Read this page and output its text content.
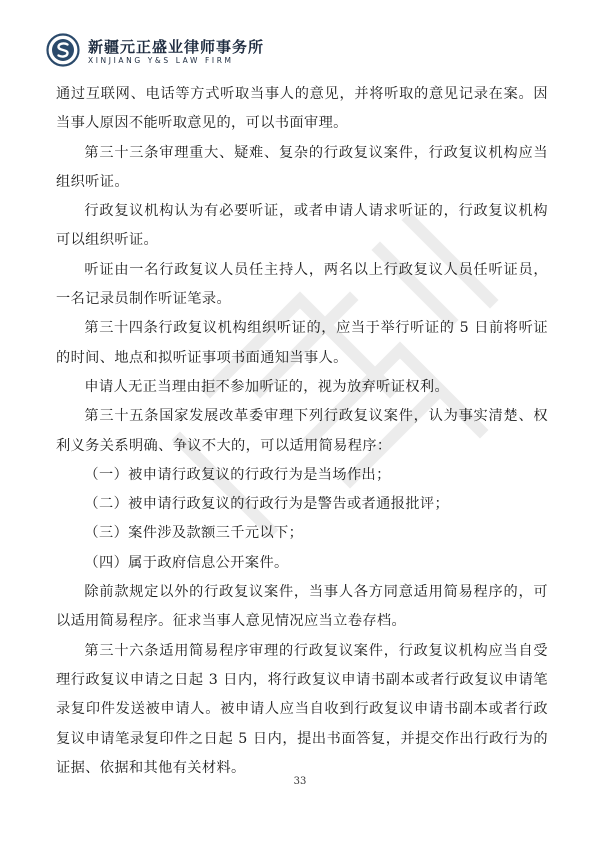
新疆元正盛业律师事务所
XINJIANG Y&S LAW FIRM

通过互联网、电话等方式听取当事人的意见，并将听取的意见记录在案。因当事人原因不能听取意见的，可以书面审理。

第三十三条审理重大、疑难、复杂的行政复议案件，行政复议机构应当组织听证。

行政复议机构认为有必要听证，或者申请人请求听证的，行政复议机构可以组织听证。

听证由一名行政复议人员任主持人，两名以上行政复议人员任听证员，一名记录员制作听证笔录。

第三十四条行政复议机构组织听证的，应当于举行听证的 5 日前将听证的时间、地点和拟听证事项书面通知当事人。

申请人无正当理由拒不参加听证的，视为放弃听证权利。

第三十五条国家发展改革委审理下列行政复议案件，认为事实清楚、权利义务关系明确、争议不大的，可以适用简易程序：

（一）被申请行政复议的行政行为是当场作出；

（二）被申请行政复议的行政行为是警告或者通报批评；

（三）案件涉及款额三千元以下；

（四）属于政府信息公开案件。

除前款规定以外的行政复议案件，当事人各方同意适用简易程序的，可以适用简易程序。征求当事人意见情况应当立卷存档。

第三十六条适用简易程序审理的行政复议案件，行政复议机构应当自受理行政复议申请之日起 3 日内，将行政复议申请书副本或者行政复议申请笔录复印件发送被申请人。被申请人应当自收到行政复议申请书副本或者行政复议申请笔录复印件之日起 5 日内，提出书面答复，并提交作出行政行为的证据、依据和其他有关材料。

33
